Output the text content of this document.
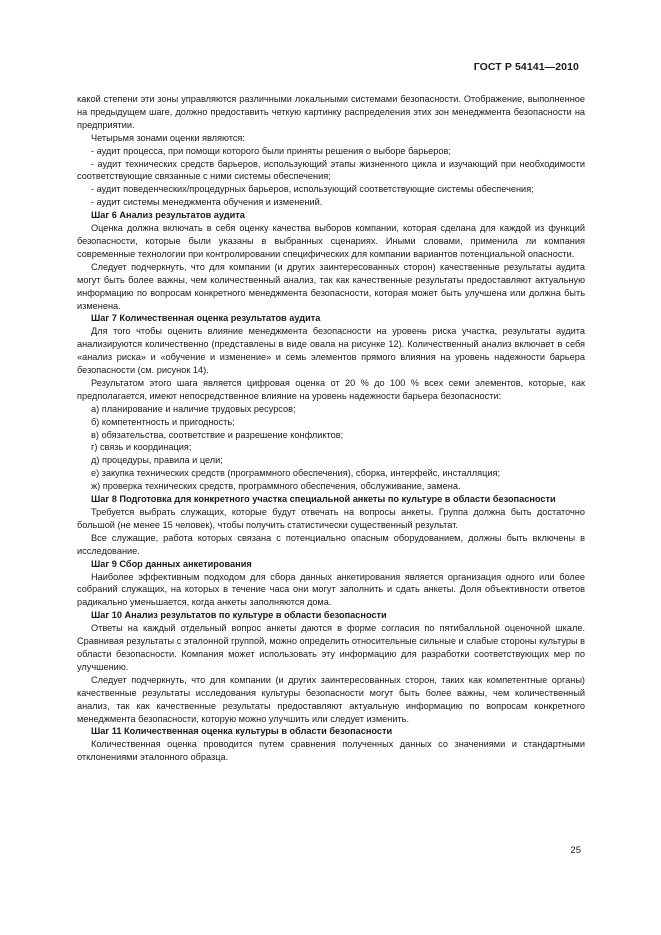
ГОСТ Р 54141—2010

какой степени эти зоны управляются различными локальными системами безопасности. Отображение, выполненное на предыдущем шаге, должно предоставить четкую картинку распределения этих зон менеджмента безопасности на предприятии.

Четырьмя зонами оценки являются:

- аудит процесса, при помощи которого были приняты решения о выборе барьеров;

- аудит технических средств барьеров, использующий этапы жизненного цикла и изучающий при необходимости соответствующие связанные с ними системы обеспечения;

- аудит поведенческих/процедурных барьеров, использующий соответствующие системы обеспечения;

- аудит системы менеджмента обучения и изменений.

Шаг 6 Анализ результатов аудита

Оценка должна включать в себя оценку качества выборов компании, которая сделана для каждой из функций безопасности, которые были указаны в выбранных сценариях. Иными словами, применила ли компания современные технологии при контролировании специфических для компании вариантов потенциальной опасности.

Следует подчеркнуть, что для компании (и других заинтересованных сторон) качественные результаты аудита могут быть более важны, чем количественный анализ, так как качественные результаты предоставляют актуальную информацию по вопросам конкретного менеджмента безопасности, которая может быть улучшена или должна быть изменена.

Шаг 7 Количественная оценка результатов аудита

Для того чтобы оценить влияние менеджмента безопасности на уровень риска участка, результаты аудита анализируются количественно (представлены в виде овала на рисунке 12). Количественный анализ включает в себя «анализ риска» и «обучение и изменение» и семь элементов прямого влияния на уровень надежности барьера безопасности (см. рисунок 14).

Результатом этого шага является цифровая оценка от 20 % до 100 % всех семи элементов, которые, как предполагается, имеют непосредственное влияние на уровень надежности барьера безопасности:

а) планирование и наличие трудовых ресурсов;

б) компетентность и пригодность;

в) обязательства, соответствие и разрешение конфликтов;

г) связь и координация;

д) процедуры, правила и цели;

е) закупка технических средств (программного обеспечения), сборка, интерфейс, инсталляция;

ж) проверка технических средств, программного обеспечения, обслуживание, замена.

Шаг 8 Подготовка для конкретного участка специальной анкеты по культуре в области безопасности

Требуется выбрать служащих, которые будут отвечать на вопросы анкеты. Группа должна быть достаточно большой (не менее 15 человек), чтобы получить статистически существенный результат.

Все служащие, работа которых связана с потенциально опасным оборудованием, должны быть включены в исследование.

Шаг 9 Сбор данных анкетирования

Наиболее эффективным подходом для сбора данных анкетирования является организация одного или более собраний служащих, на которых в течение часа они могут заполнить и сдать анкеты. Доля объективности ответов радикально уменьшается, когда анкеты заполняются дома.

Шаг 10 Анализ результатов по культуре в области безопасности

Ответы на каждый отдельный вопрос анкеты даются в форме согласия по пятибалльной оценочной шкале. Сравнивая результаты с эталонной группой, можно определить относительные сильные и слабые стороны культуры в области безопасности. Компания может использовать эту информацию для разработки соответствующих мер по улучшению.

Следует подчеркнуть, что для компании (и других заинтересованных сторон, таких как компетентные органы) качественные результаты исследования культуры безопасности могут быть более важны, чем количественный анализ, так как качественные результаты предоставляют актуальную информацию по вопросам конкретного менеджмента безопасности, которую можно улучшить или следует изменить.

Шаг 11 Количественная оценка культуры в области безопасности

Количественная оценка проводится путем сравнения полученных данных со значениями и стандартными отклонениями эталонного образца.

25
